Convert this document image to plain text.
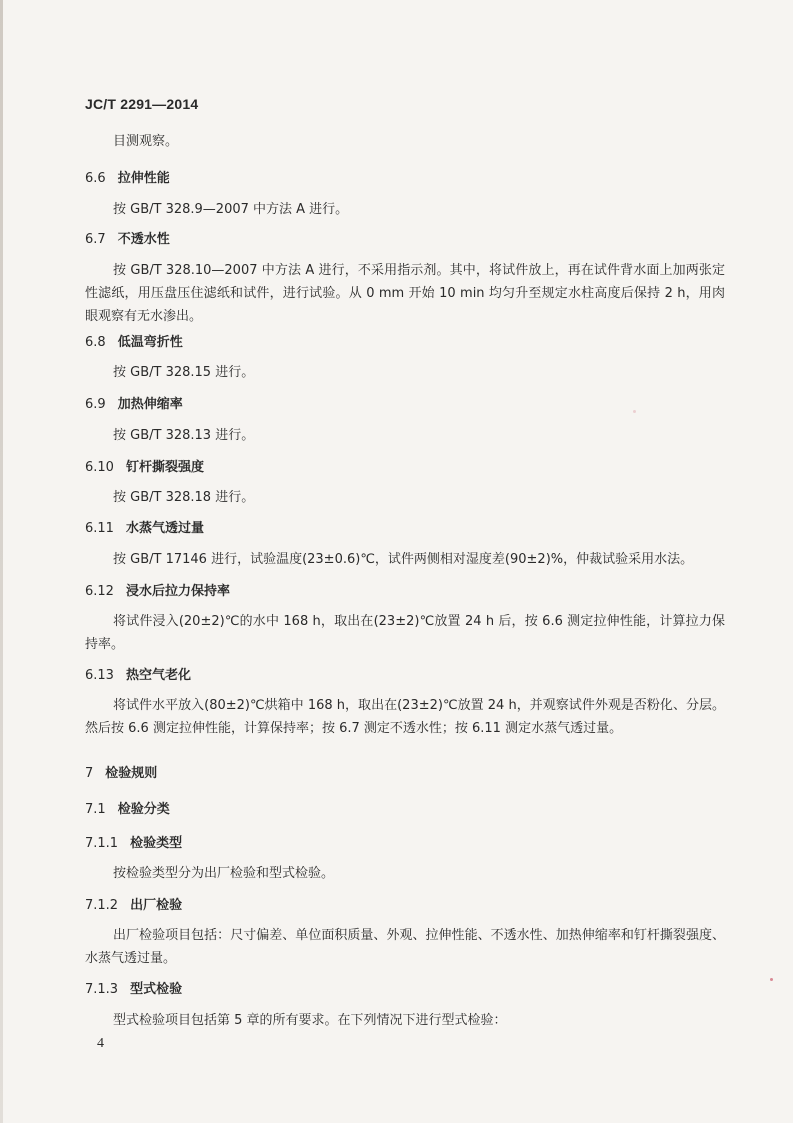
JC/T 2291—2014
目测观察。
6.6 拉伸性能
按 GB/T 328.9—2007 中方法 A 进行。
6.7 不透水性
按 GB/T 328.10—2007 中方法 A 进行，不采用指示剂。其中，将试件放上，再在试件背水面上加两张定性滤纸，用压盘压住滤纸和试件，进行试验。从 0 mm 开始 10 min 均匀升至规定水柱高度后保持 2 h，用肉眼观察有无水渗出。
6.8 低温弯折性
按 GB/T 328.15 进行。
6.9 加热伸缩率
按 GB/T 328.13 进行。
6.10 钉杆撕裂强度
按 GB/T 328.18 进行。
6.11 水蒸气透过量
按 GB/T 17146 进行，试验温度(23±0.6)℃，试件两侧相对湿度差(90±2)%，仲裁试验采用水法。
6.12 浸水后拉力保持率
将试件浸入(20±2)℃的水中 168 h，取出在(23±2)℃放置 24 h 后，按 6.6 测定拉伸性能，计算拉力保持率。
6.13 热空气老化
将试件水平放入(80±2)℃烘箱中 168 h，取出在(23±2)℃放置 24 h，并观察试件外观是否粉化、分层。然后按 6.6 测定拉伸性能，计算保持率；按 6.7 测定不透水性；按 6.11 测定水蒸气透过量。
7 检验规则
7.1 检验分类
7.1.1 检验类型
按检验类型分为出厂检验和型式检验。
7.1.2 出厂检验
出厂检验项目包括：尺寸偏差、单位面积质量、外观、拉伸性能、不透水性、加热伸缩率和钉杆撕裂强度、水蒸气透过量。
7.1.3 型式检验
型式检验项目包括第 5 章的所有要求。在下列情况下进行型式检验：
4
